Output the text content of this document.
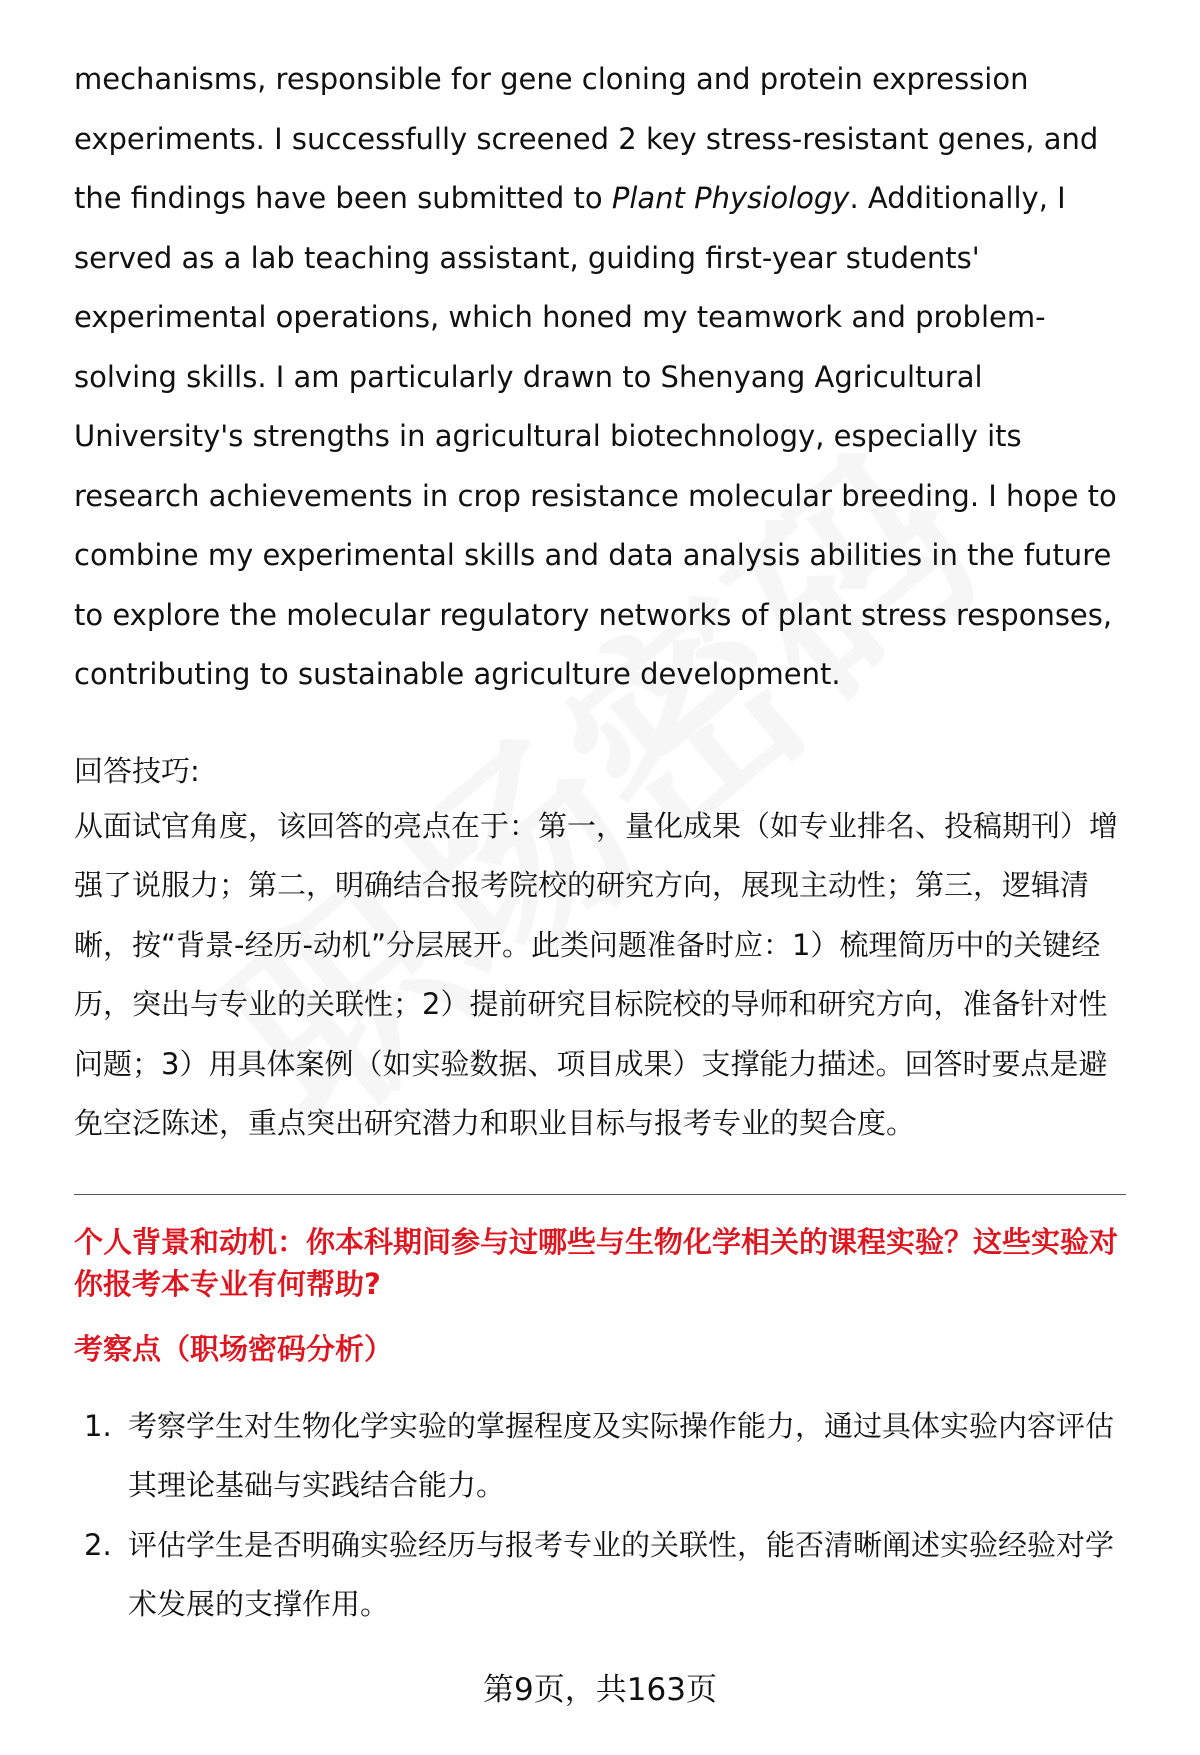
mechanisms, responsible for gene cloning and protein expression experiments. I successfully screened 2 key stress-resistant genes, and the findings have been submitted to Plant Physiology. Additionally, I served as a lab teaching assistant, guiding first-year students' experimental operations, which honed my teamwork and problem-solving skills. I am particularly drawn to Shenyang Agricultural University's strengths in agricultural biotechnology, especially its research achievements in crop resistance molecular breeding. I hope to combine my experimental skills and data analysis abilities in the future to explore the molecular regulatory networks of plant stress responses, contributing to sustainable agriculture development.

回答技巧:

从面试官角度，该回答的亮点在于：第一，量化成果（如专业排名、投稿期刊）增强了说服力；第二，明确结合报考院校的研究方向，展现主动性；第三，逻辑清晰，按“背景-经历-动机”分层展开。此类问题准备时应：1）梳理简历中的关键经历，突出与专业的关联性；2）提前研究目标院校的导师和研究方向，准备针对性问题；3）用具体案例（如实验数据、项目成果）支撑能力描述。回答时要点是避免空泛陈述，重点突出研究潜力和职业目标与报考专业的契合度。

个人背景和动机：你本科期间参与过哪些与生物化学相关的课程实验？这些实验对你报考本专业有何帮助?
考察点（职场密码分析）
1. 考察学生对生物化学实验的掌握程度及实际操作能力，通过具体实验内容评估其理论基础与实践结合能力。
2. 评估学生是否明确实验经历与报考专业的关联性，能否清晰阐述实验经验对学术发展的支撑作用。
第9页，共163页
